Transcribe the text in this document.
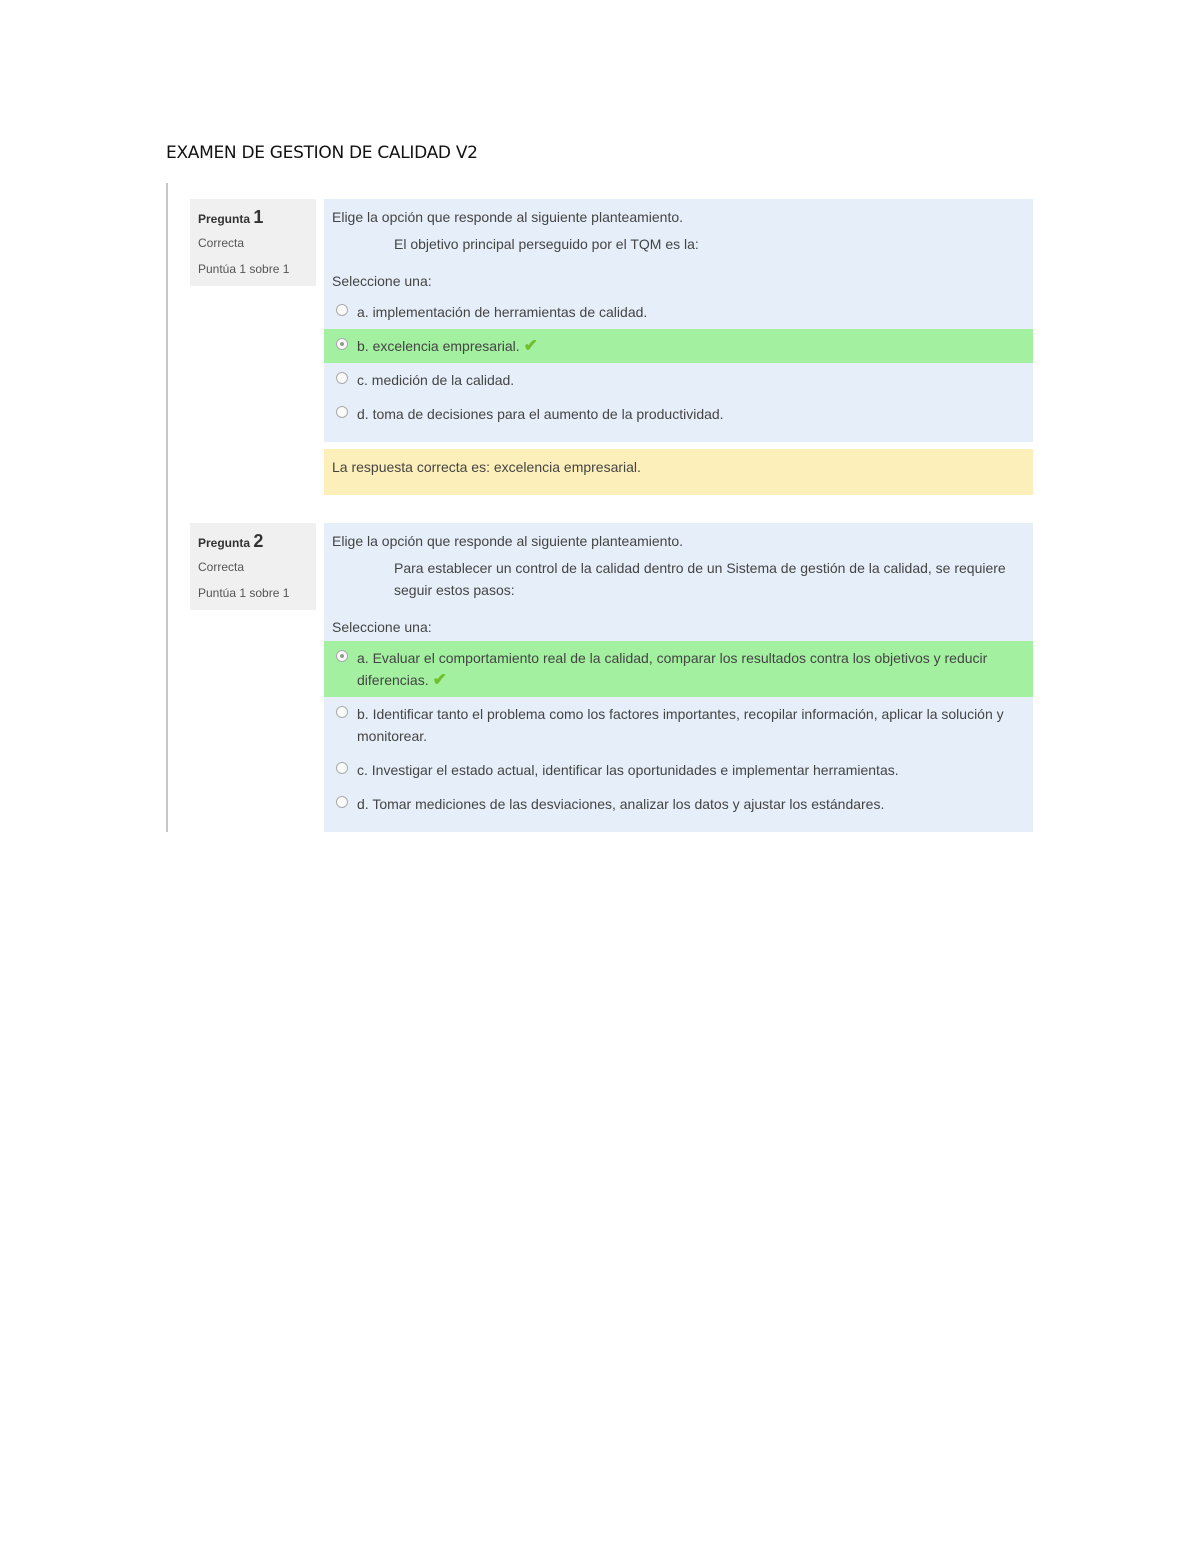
EXAMEN DE GESTION DE CALIDAD V2
Pregunta 1
Correcta
Puntúa 1 sobre 1
Elige la opción que responde al siguiente planteamiento.
El objetivo principal perseguido por el TQM es la:
Seleccione una:
a. implementación de herramientas de calidad.
b. excelencia empresarial. ✔
c. medición de la calidad.
d. toma de decisiones para el aumento de la productividad.
La respuesta correcta es: excelencia empresarial.
Pregunta 2
Correcta
Puntúa 1 sobre 1
Elige la opción que responde al siguiente planteamiento.
Para establecer un control de la calidad dentro de un Sistema de gestión de la calidad, se requiere seguir estos pasos:
Seleccione una:
a. Evaluar el comportamiento real de la calidad, comparar los resultados contra los objetivos y reducir diferencias. ✔
b. Identificar tanto el problema como los factores importantes, recopilar información, aplicar la solución y monitorear.
c. Investigar el estado actual, identificar las oportunidades e implementar herramientas.
d. Tomar mediciones de las desviaciones, analizar los datos y ajustar los estándares.
